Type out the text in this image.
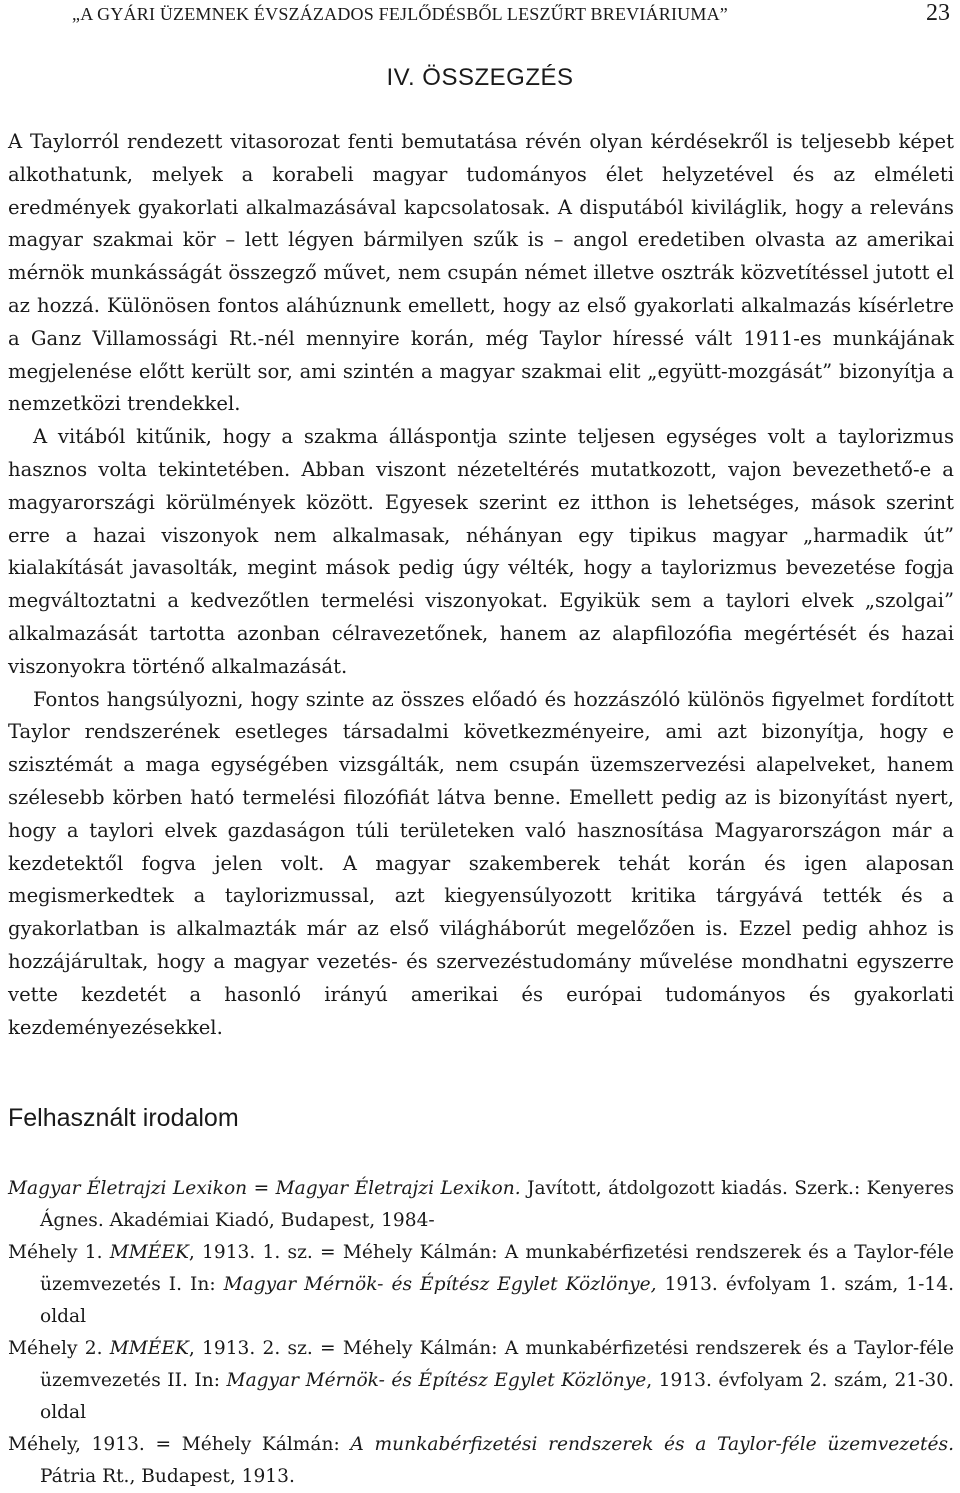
„A GYÁRI ÜZEMNEK ÉVSZÁZADOS FEJLŐDÉSBŐL LESZŰRT BREVIÁRIUMA”	23
IV. ÖSSZEGZÉS

A Taylorról rendezett vitasorozat fenti bemutatása révén olyan kérdésekről is teljesebb képet alkothatunk, melyek a korabeli magyar tudományos élet helyzetével és az elméleti eredmények gyakorlati alkalmazásával kapcsolatosak. A disputából kiviláglik, hogy a releváns magyar szakmai kör – lett légyen bármilyen szűk is – angol eredetiben olvasta az amerikai mérnök munkásságát összegző művet, nem csupán német illetve osztrák közvetítéssel jutott el az hozzá. Különösen fontos aláhúznunk emellett, hogy az első gyakorlati alkalmazás kísérletre a Ganz Villamossági Rt.-nél mennyire korán, még Taylor híressé vált 1911-es munkájának megjelenése előtt került sor, ami szintén a magyar szakmai elit „együtt-mozgását” bizonyítja a nemzetközi trendekkel.

A vitából kitűnik, hogy a szakma álláspontja szinte teljesen egységes volt a taylorizmus hasznos volta tekintetében. Abban viszont nézeteltérés mutatkozott, vajon bevezethető-e a magyarországi körülmények között. Egyesek szerint ez itthon is lehetséges, mások szerint erre a hazai viszonyok nem alkalmasak, néhányan egy tipikus magyar „harmadik út” kialakítását javasolták, megint mások pedig úgy vélték, hogy a taylorizmus bevezetése fogja megváltoztatni a kedvezőtlen termelési viszonyokat. Egyikük sem a taylori elvek „szolgai” alkalmazását tartotta azonban célravezetőnek, hanem az alapfilozófia megértését és hazai viszonyokra történő alkalmazását.

Fontos hangsúlyozni, hogy szinte az összes előadó és hozzászóló különös figyelmet fordított Taylor rendszerének esetleges társadalmi következményeire, ami azt bizonyítja, hogy e szisztémát a maga egységében vizsgálták, nem csupán üzemszervezési alapelveket, hanem szélesebb körben ható termelési filozófiát látva benne. Emellett pedig az is bizonyítást nyert, hogy a taylori elvek gazdaságon túli területeken való hasznosítása Magyarországon már a kezdetektől fogva jelen volt. A magyar szakemberek tehát korán és igen alaposan megismerkedtek a taylorizmussal, azt kiegyensúlyozott kritika tárgyává tették és a gyakorlatban is alkalmazták már az első világháborút megelőzően is. Ezzel pedig ahhoz is hozzájárultak, hogy a magyar vezetés- és szervezéstudomány művelése mondhatni egyszerre vette kezdetét a hasonló irányú amerikai és európai tudományos és gyakorlati kezdeményezésekkel.

Felhasznált irodalom

Magyar Életrajzi Lexikon = Magyar Életrajzi Lexikon. Javított, átdolgozott kiadás. Szerk.: Kenyeres Ágnes. Akadémiai Kiadó, Budapest, 1984-

Méhely 1. MMÉEK, 1913. 1. sz. = Méhely Kálmán: A munkabérfizetési rendszerek és a Taylor-féle üzemvezetés I. In: Magyar Mérnök- és Építész Egylet Közlönye, 1913. évfolyam 1. szám, 1-14. oldal

Méhely 2. MMÉEK, 1913. 2. sz. = Méhely Kálmán: A munkabérfizetési rendszerek és a Taylor-féle üzemvezetés II. In: Magyar Mérnök- és Építész Egylet Közlönye, 1913. évfolyam 2. szám, 21-30. oldal

Méhely, 1913. = Méhely Kálmán: A munkabérfizetési rendszerek és a Taylor-féle üzemvezetés. Pátria Rt., Budapest, 1913.
